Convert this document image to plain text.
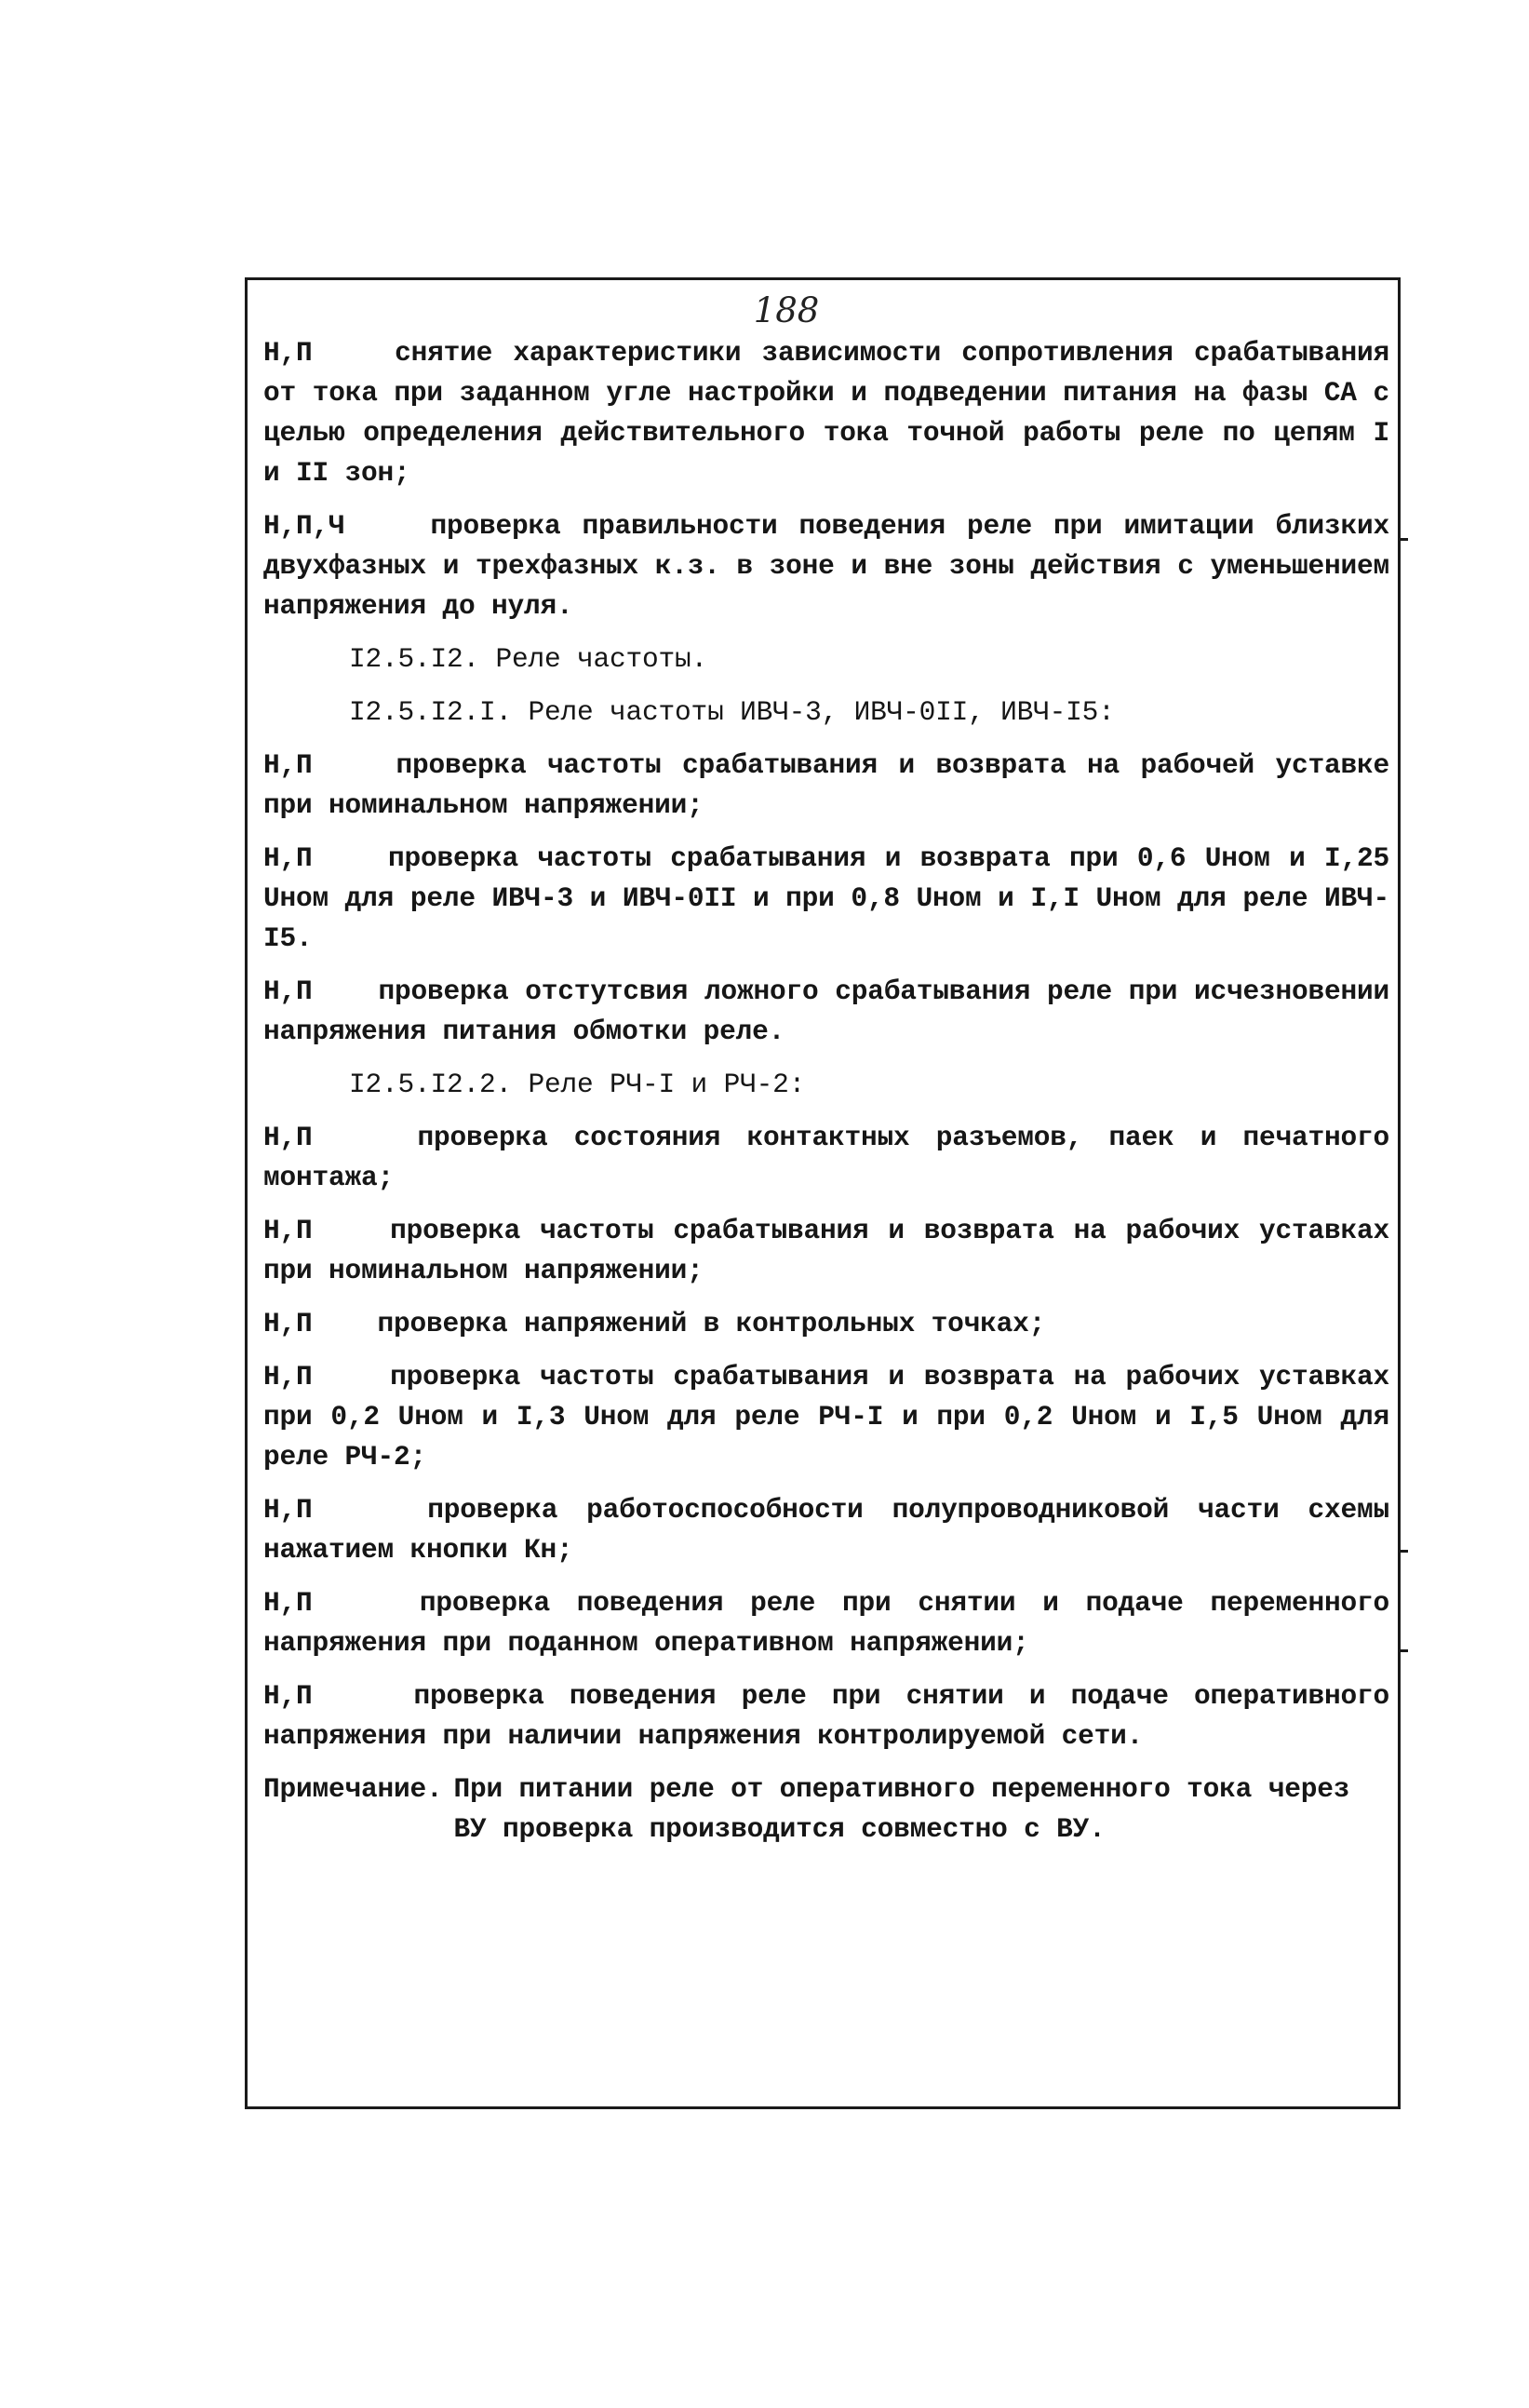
188
Н,П	снятие характеристики зависимости сопротивления срабатывания от тока при заданном угле настройки и подведении питания на фазы СА с целью определения действительного тока точной работы реле по цепям I и II зон;
Н,П,Ч	проверка правильности поведения реле при имитации близких двухфазных и трехфазных к.з. в зоне и вне зоны действия с уменьшением напряжения до нуля.
I2.5.I2. Реле частоты.
I2.5.I2.I. Реле частоты ИВЧ-3, ИВЧ-0II, ИВЧ-I5:
Н,П	проверка частоты срабатывания и возврата на рабочей уставке при номинальном напряжении;
Н,П	проверка частоты срабатывания и возврата при 0,6 Uном и I,25 Uном для реле ИВЧ-3 и ИВЧ-0II и при 0,8 Uном и I,I Uном для реле ИВЧ-I5.
Н,П проверка отстутсвия ложного срабатывания реле при исчезновении напряжения питания обмотки реле.
I2.5.I2.2. Реле РЧ-I и РЧ-2:
Н,П	проверка состояния контактных разъемов, паек и печатного монтажа;
Н,П	проверка частоты срабатывания и возврата на рабочих уставках при номинальном напряжении;
Н,П проверка напряжений в контрольных точках;
Н,П	проверка частоты срабатывания и возврата на рабочих уставках при 0,2 Uном и I,3 Uном для реле РЧ-I и при 0,2 Uном и I,5 Uном для реле РЧ-2;
Н,П	проверка работоспособности полупроводниковой части схемы нажатием кнопки Кн;
Н,П	проверка поведения реле при снятии и подаче переменного напряжения при поданном оперативном напряжении;
Н,П	проверка поведения реле при снятии и подаче оперативного напряжения при наличии напряжения контролируемой сети.
Примечание. При питании реле от оперативного переменного тока через
ВУ проверка производится совместно с ВУ.
